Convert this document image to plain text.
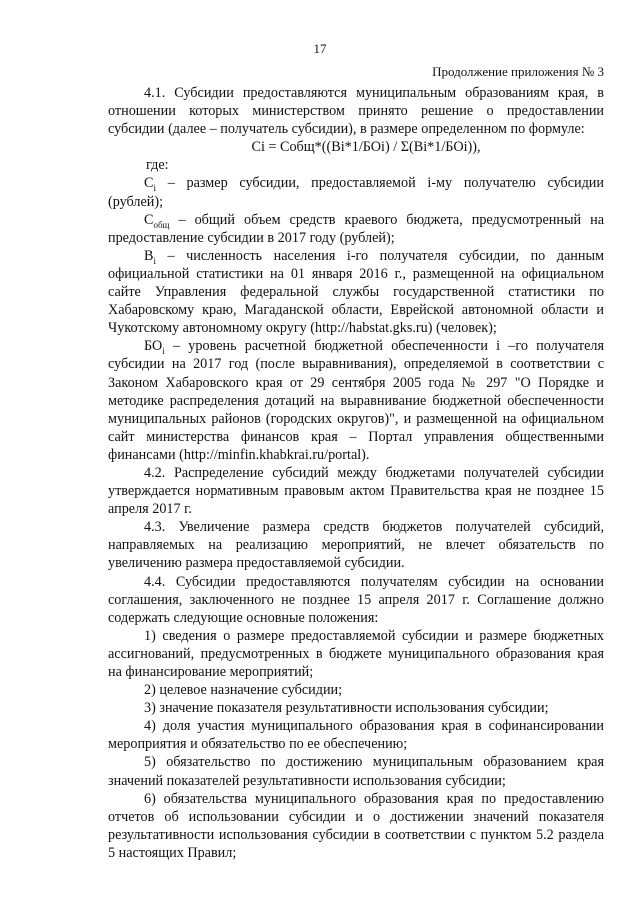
17
Продолжение приложения № 3

4.1. Субсидии предоставляются муниципальным образованиям края, в отношении которых министерством принято решение о предоставлении субсидии (далее – получатель субсидии), в размере определенном по формуле:

Ci = Cобщ*((Bi*1/БОi) / Σ(Bi*1/БОi)),

где:

$С_i$ – размер субсидии, предоставляемой i-му получателю субсидии (рублей);

$С_{общ}$ – общий объем средств краевого бюджета, предусмотренный на предоставление субсидии в 2017 году (рублей);

$В_i$ – численность населения i-го получателя субсидии, по данным официальной статистики на 01 января 2016 г., размещенной на официальном сайте Управления федеральной службы государственной статистики по Хабаровскому краю, Магаданской области, Еврейской автономной области и Чукотскому автономному округу (http://habstat.gks.ru) (человек);

$БО_i$ – уровень расчетной бюджетной обеспеченности i –го получателя субсидии на 2017 год (после выравнивания), определяемой в соответствии с Законом Хабаровского края от 29 сентября 2005 года № 297 "О Порядке и методике распределения дотаций на выравнивание бюджетной обеспеченности муниципальных районов (городских округов)", и размещенной на официальном сайт министерства финансов края – Портал управления общественными финансами (http://minfin.khabkrai.ru/portal).

4.2. Распределение субсидий между бюджетами получателей субсидии утверждается нормативным правовым актом Правительства края не позднее 15 апреля 2017 г.

4.3. Увеличение размера средств бюджетов получателей субсидий, направляемых на реализацию мероприятий, не влечет обязательств по увеличению размера предоставляемой субсидии.

4.4. Субсидии предоставляются получателям субсидии на основании соглашения, заключенного не позднее 15 апреля 2017 г. Соглашение должно содержать следующие основные положения:

1) сведения о размере предоставляемой субсидии и размере бюджетных ассигнований, предусмотренных в бюджете муниципального образования края на финансирование мероприятий;

2) целевое назначение субсидии;

3) значение показателя результативности использования субсидии;

4) доля участия муниципального образования края в софинансировании мероприятия и обязательство по ее обеспечению;

5) обязательство по достижению муниципальным образованием края значений показателей результативности использования субсидии;

6) обязательства муниципального образования края по предоставлению отчетов об использовании субсидии и о достижении значений показателя результативности использования субсидии в соответствии с пунктом 5.2 раздела 5 настоящих Правил;
